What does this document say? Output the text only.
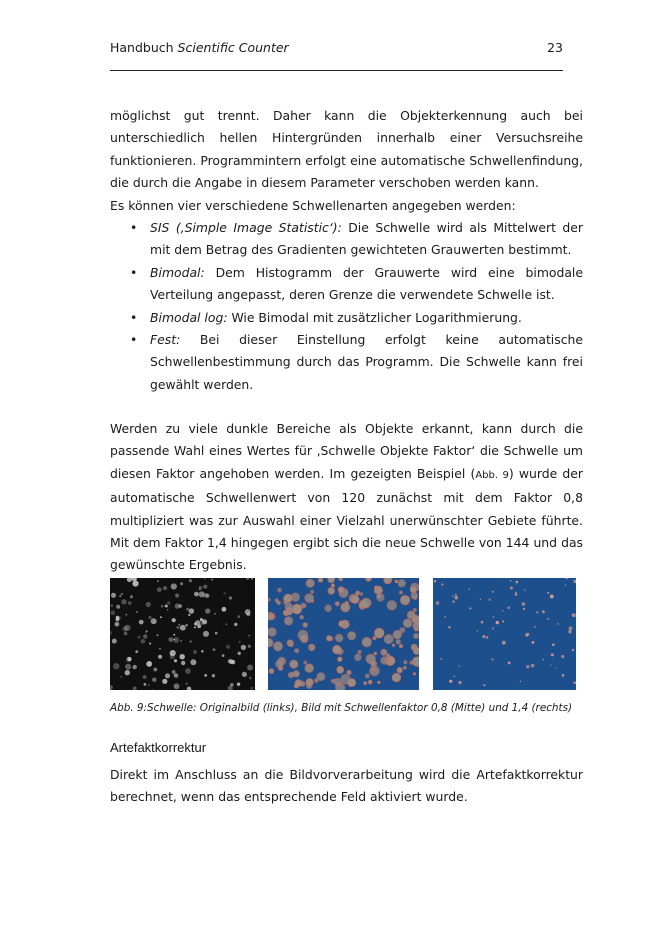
Handbuch Scientific Counter	23

möglichst gut trennt. Daher kann die Objekterkennung auch bei unterschiedlich hellen Hintergründen innerhalb einer Versuchsreihe funktionieren. Programmintern erfolgt eine automatische Schwellenfindung, die durch die Angabe in diesem Parameter verschoben werden kann.
Es können vier verschiedene Schwellenarten angegeben werden:

• SIS (‚Simple Image Statistic‘): Die Schwelle wird als Mittelwert der mit dem Betrag des Gradienten gewichteten Grauwerten bestimmt.
• Bimodal: Dem Histogramm der Grauwerte wird eine bimodale Verteilung angepasst, deren Grenze die verwendete Schwelle ist.
• Bimodal log: Wie Bimodal mit zusätzlicher Logarithmierung.
• Fest: Bei dieser Einstellung erfolgt keine automatische Schwellenbestimmung durch das Programm. Die Schwelle kann frei gewählt werden.

Werden zu viele dunkle Bereiche als Objekte erkannt, kann durch die passende Wahl eines Wertes für ‚Schwelle Objekte Faktor‘ die Schwelle um diesen Faktor angehoben werden. Im gezeigten Beispiel (Abb. 9) wurde der automatische Schwellenwert von 120 zunächst mit dem Faktor 0,8 multipliziert was zur Auswahl einer Vielzahl unerwünschter Gebiete führte. Mit dem Faktor 1,4 hingegen ergibt sich die neue Schwelle von 144 und das gewünschte Ergebnis.

Abb. 9:Schwelle: Originalbild (links), Bild mit Schwellenfaktor 0,8 (Mitte) und 1,4 (rechts)
Artefaktkorrektur

Direkt im Anschluss an die Bildvorverarbeitung wird die Artefaktkorrektur berechnet, wenn das entsprechende Feld aktiviert wurde.
